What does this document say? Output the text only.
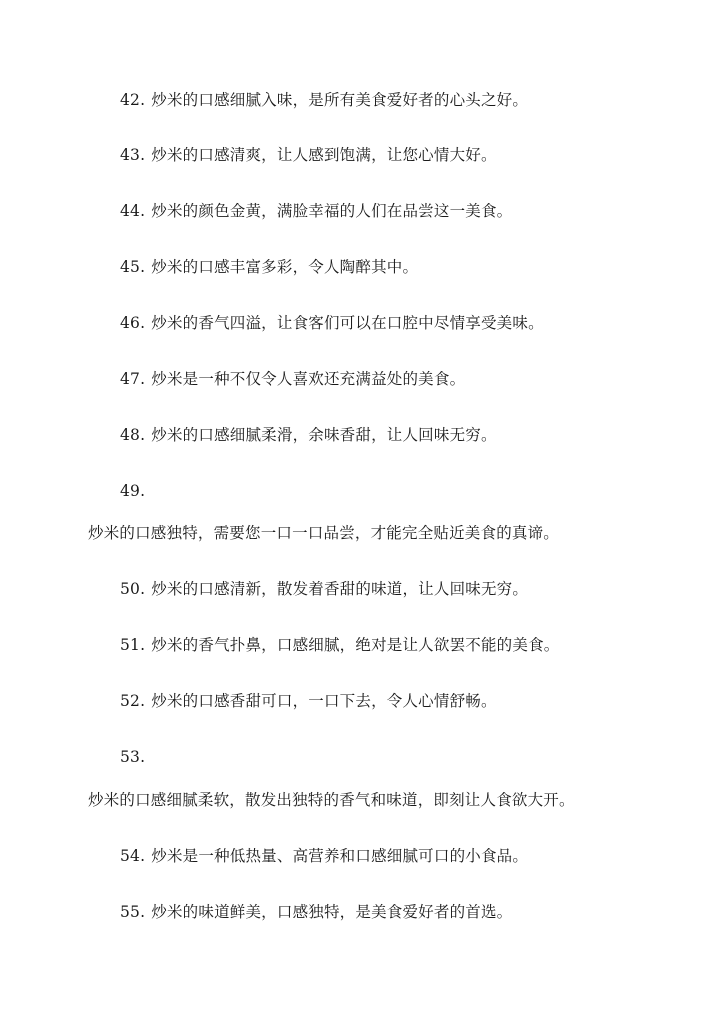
42. 炒米的口感细腻入味，是所有美食爱好者的心头之好。
43. 炒米的口感清爽，让人感到饱满，让您心情大好。
44. 炒米的颜色金黄，满脸幸福的人们在品尝这一美食。
45. 炒米的口感丰富多彩，令人陶醉其中。
46. 炒米的香气四溢，让食客们可以在口腔中尽情享受美味。
47. 炒米是一种不仅令人喜欢还充满益处的美食。
48. 炒米的口感细腻柔滑，余味香甜，让人回味无穷。
49.
炒米的口感独特，需要您一口一口品尝，才能完全贴近美食的真谛。
50. 炒米的口感清新，散发着香甜的味道，让人回味无穷。
51. 炒米的香气扑鼻，口感细腻，绝对是让人欲罢不能的美食。
52. 炒米的口感香甜可口，一口下去，令人心情舒畅。
53.
炒米的口感细腻柔软，散发出独特的香气和味道，即刻让人食欲大开。
54. 炒米是一种低热量、高营养和口感细腻可口的小食品。
55. 炒米的味道鲜美，口感独特，是美食爱好者的首选。
